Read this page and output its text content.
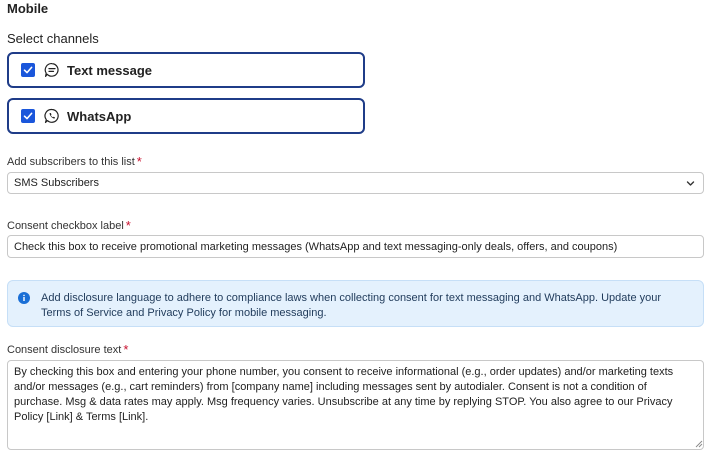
Mobile
Select channels
Text message
WhatsApp
Add subscribers to this list *
SMS Subscribers
Consent checkbox label *
Check this box to receive promotional marketing messages (WhatsApp and text messaging-only deals, offers, and coupons)
Add disclosure language to adhere to compliance laws when collecting consent for text messaging and WhatsApp. Update your Terms of Service and Privacy Policy for mobile messaging.
Consent disclosure text *
By checking this box and entering your phone number, you consent to receive informational (e.g., order updates) and/or marketing texts and/or messages (e.g., cart reminders) from [company name] including messages sent by autodialer. Consent is not a condition of purchase. Msg & data rates may apply. Msg frequency varies. Unsubscribe at any time by replying STOP. You also agree to our Privacy Policy [Link] & Terms [Link].
